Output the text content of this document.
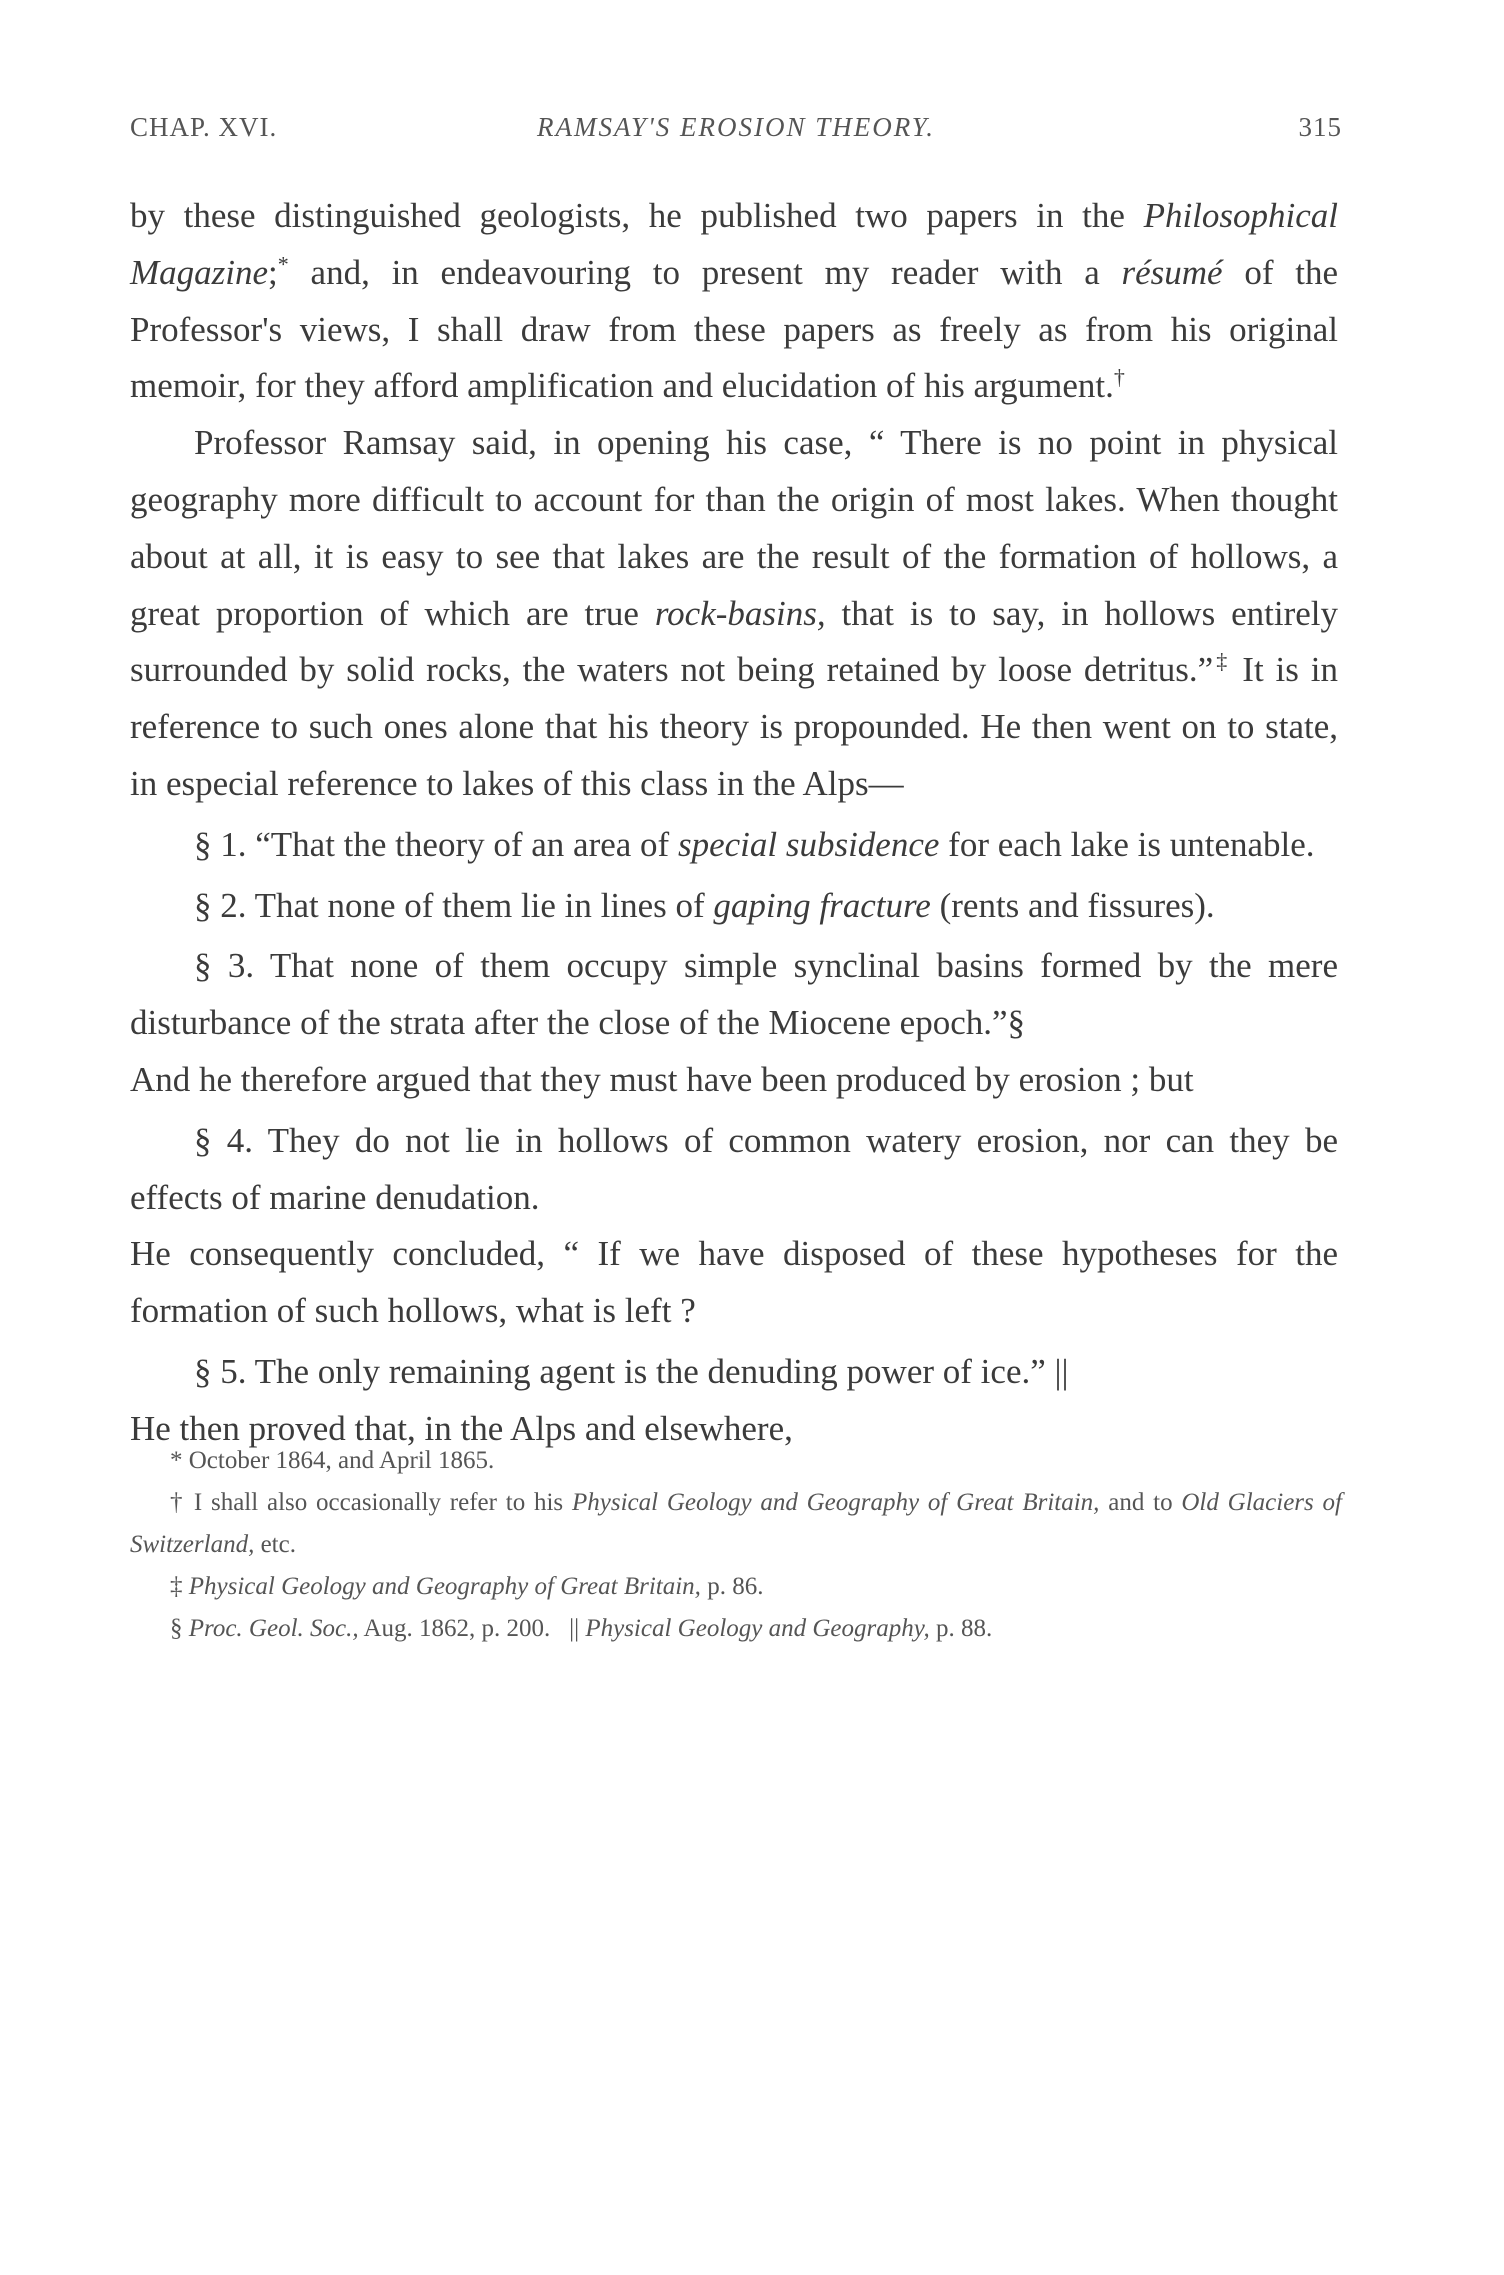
CHAP. XVI.	RAMSAY'S EROSION THEORY.	315

by these distinguished geologists, he published two papers in the Philosophical Magazine;* and, in endeavouring to present my reader with a résumé of the Professor's views, I shall draw from these papers as freely as from his original memoir, for they afford amplification and elucidation of his argument.†

Professor Ramsay said, in opening his case, “ There is no point in physical geography more difficult to account for than the origin of most lakes. When thought about at all, it is easy to see that lakes are the result of the formation of hollows, a great proportion of which are true rock-basins, that is to say, in hollows entirely surrounded by solid rocks, the waters not being retained by loose detritus.”‡ It is in reference to such ones alone that his theory is propounded. He then went on to state, in especial reference to lakes of this class in the Alps—

§ 1. “That the theory of an area of special subsidence for each lake is untenable.

§ 2. That none of them lie in lines of gaping fracture (rents and fissures).

§ 3. That none of them occupy simple synclinal basins formed by the mere disturbance of the strata after the close of the Miocene epoch.”§

And he therefore argued that they must have been produced by erosion ; but

§ 4. They do not lie in hollows of common watery erosion, nor can they be effects of marine denudation.

He consequently concluded, “ If we have disposed of these hypotheses for the formation of such hollows, what is left ?

§ 5. The only remaining agent is the denuding power of ice.” ||

He then proved that, in the Alps and elsewhere,

* October 1864, and April 1865.

† I shall also occasionally refer to his Physical Geology and Geography of Great Britain, and to Old Glaciers of Switzerland, etc.

‡ Physical Geology and Geography of Great Britain, p. 86.

§ Proc. Geol. Soc., Aug. 1862, p. 200.   || Physical Geology and Geography, p. 88.
